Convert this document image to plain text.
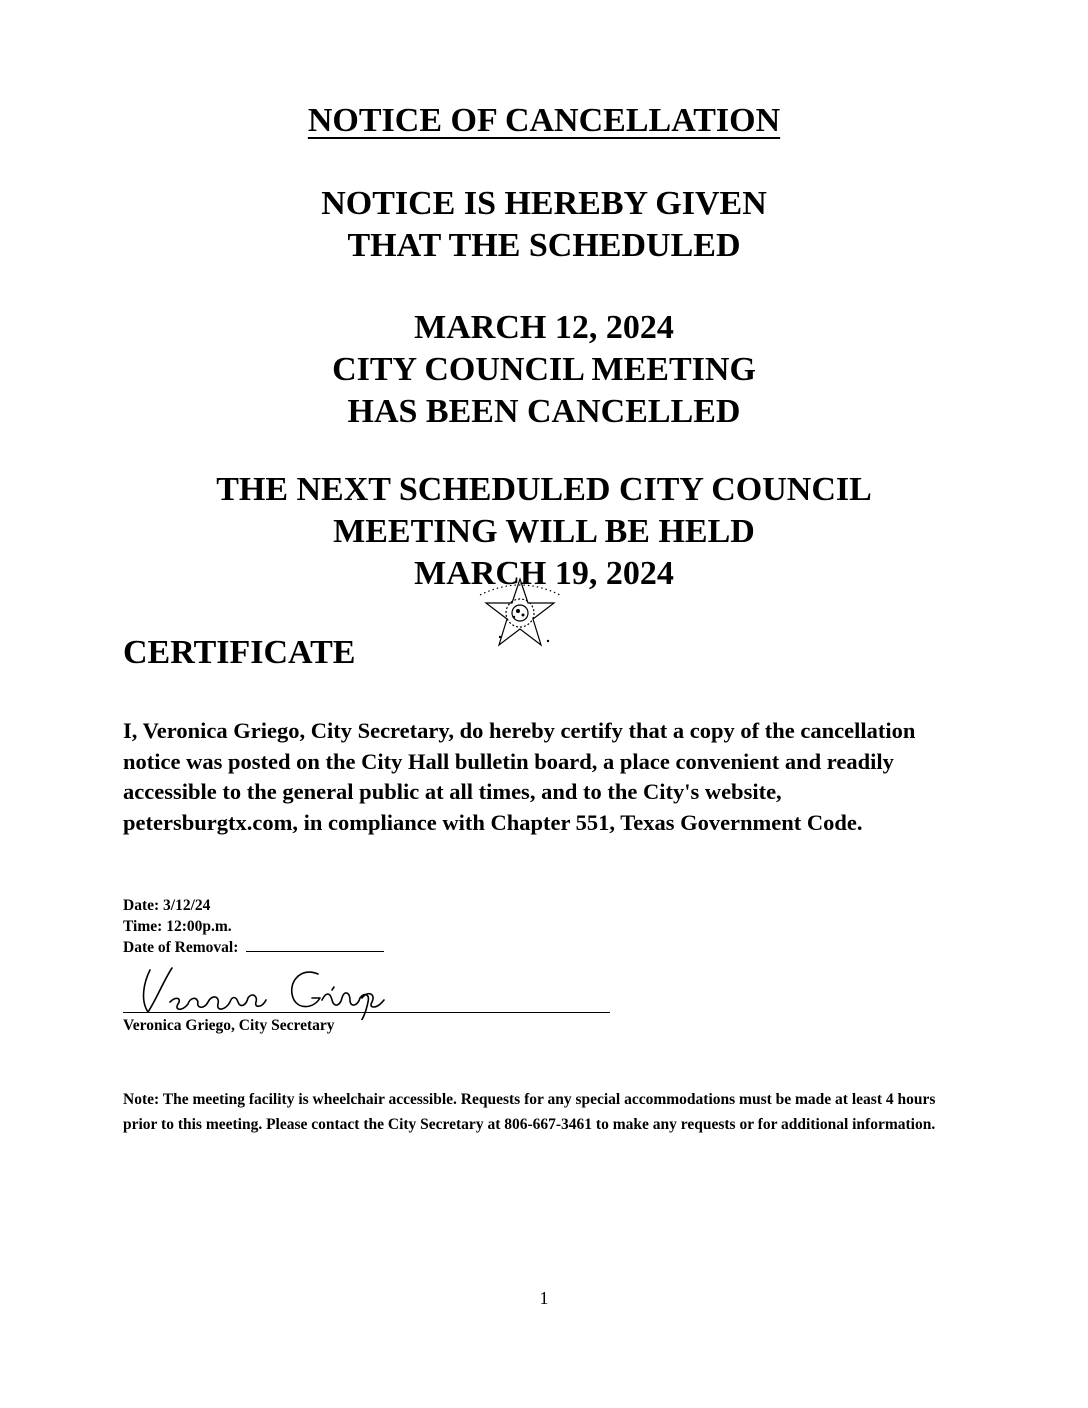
NOTICE OF CANCELLATION
NOTICE IS HEREBY GIVEN
THAT THE SCHEDULED
MARCH 12, 2024
CITY COUNCIL MEETING
HAS BEEN CANCELLED
THE NEXT SCHEDULED CITY COUNCIL
MEETING WILL BE HELD
MARCH 19, 2024
CERTIFICATE
I, Veronica Griego, City Secretary, do hereby certify that a copy of the cancellation notice was posted on the City Hall bulletin board, a place convenient and readily accessible to the general public at all times, and to the City's website, petersburgtx.com, in compliance with Chapter 551, Texas Government Code.
Date: 3/12/24
Time: 12:00p.m.
Date of Removal:
Veronica Griego, City Secretary
Note: The meeting facility is wheelchair accessible. Requests for any special accommodations must be made at least 4 hours prior to this meeting. Please contact the City Secretary at 806-667-3461 to make any requests or for additional information.
1
